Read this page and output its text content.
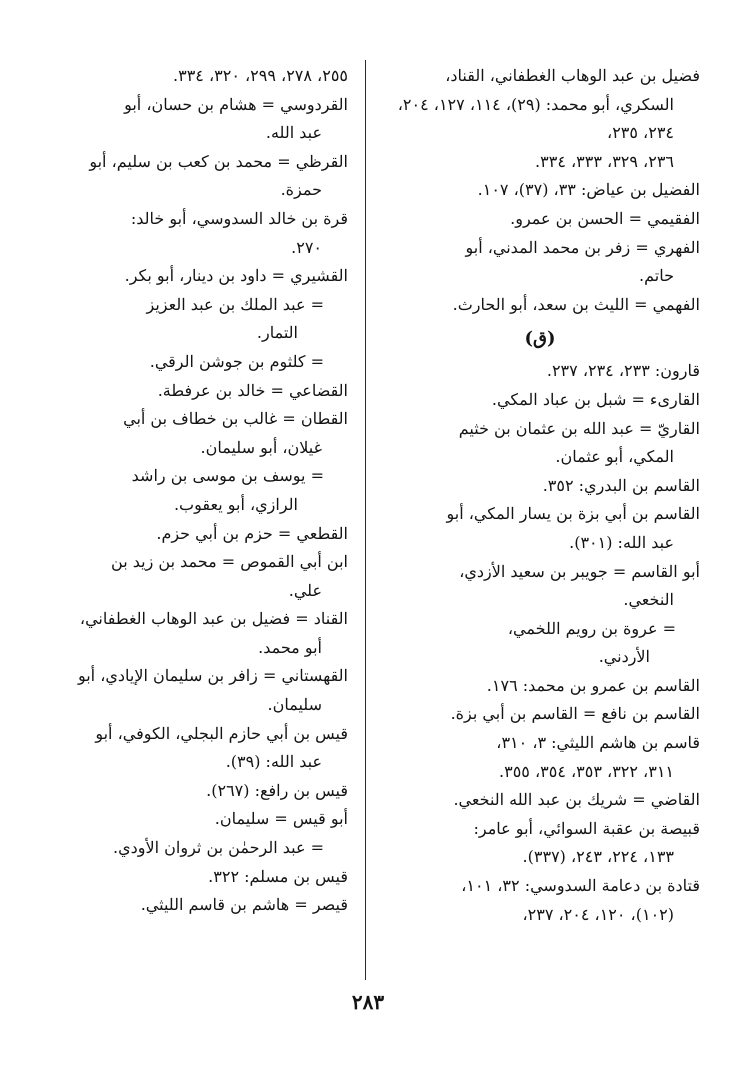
فضيل بن عبد الوهاب الغطفاني، القناد،
السكري، أبو محمد: (٢٩)، ١١٤، ١٢٧، ٢٠٤، ٢٣٤، ٢٣٥،
٢٣٦، ٣٢٩، ٣٣٣، ٣٣٤.
الفضيل بن عياض: ٣٣، (٣٧)، ١٠٧.
الفقيمي = الحسن بن عمرو.
الفهري = زفر بن محمد المدني، أبو
حاتم.
الفهمي = الليث بن سعد، أبو الحارث.
(ق)
قارون: ٢٣٣، ٢٣٤، ٢٣٧.
القارىء = شبل بن عباد المكي.
القاريّ = عبد الله بن عثمان بن خثيم
المكي، أبو عثمان.
القاسم بن البدري: ٣٥٢.
القاسم بن أبي بزة بن يسار المكي، أبو
عبد الله: (٣٠١).
أبو القاسم = جويبر بن سعيد الأزدي،
النخعي.
= عروة بن رويم اللخمي،
الأردني.
القاسم بن عمرو بن محمد: ١٧٦.
القاسم بن نافع = القاسم بن أبي بزة.
قاسم بن هاشم الليثي: ٣، ٣١٠،
٣١١، ٣٢٢، ٣٥٣، ٣٥٤، ٣٥٥.
القاضي = شريك بن عبد الله النخعي.
قبيصة بن عقبة السوائي، أبو عامر:
١٣٣، ٢٢٤، ٢٤٣، (٣٣٧).
قتادة بن دعامة السدوسي: ٣٢، ١٠١،
(١٠٢)، ١٢٠، ٢٠٤، ٢٣٧،
٢٥٥، ٢٧٨، ٢٩٩، ٣٢٠، ٣٣٤.
القردوسي = هشام بن حسان، أبو
عبد الله.
القرظي = محمد بن كعب بن سليم، أبو
حمزة.
قرة بن خالد السدوسي، أبو خالد:
٢٧٠.
القشيري = داود بن دينار، أبو بكر.
= عبد الملك بن عبد العزيز
التمار.
= كلثوم بن جوشن الرقي.
القضاعي = خالد بن عرفطة.
القطان = غالب بن خطاف بن أبي
غيلان، أبو سليمان.
= يوسف بن موسى بن راشد
الرازي، أبو يعقوب.
القطعي = حزم بن أبي حزم.
ابن أبي القموص = محمد بن زيد بن
علي.
القناد = فضيل بن عبد الوهاب الغطفاني،
أبو محمد.
القهستاني = زافر بن سليمان الإيادي، أبو
سليمان.
قيس بن أبي حازم البجلي، الكوفي، أبو
عبد الله: (٣٩).
قيس بن رافع: (٢٦٧).
أبو قيس = سليمان.
= عبد الرحمٰن بن ثروان الأودي.
قيس بن مسلم: ٣٢٢.
قيصر = هاشم بن قاسم الليثي.
٢٨٣
